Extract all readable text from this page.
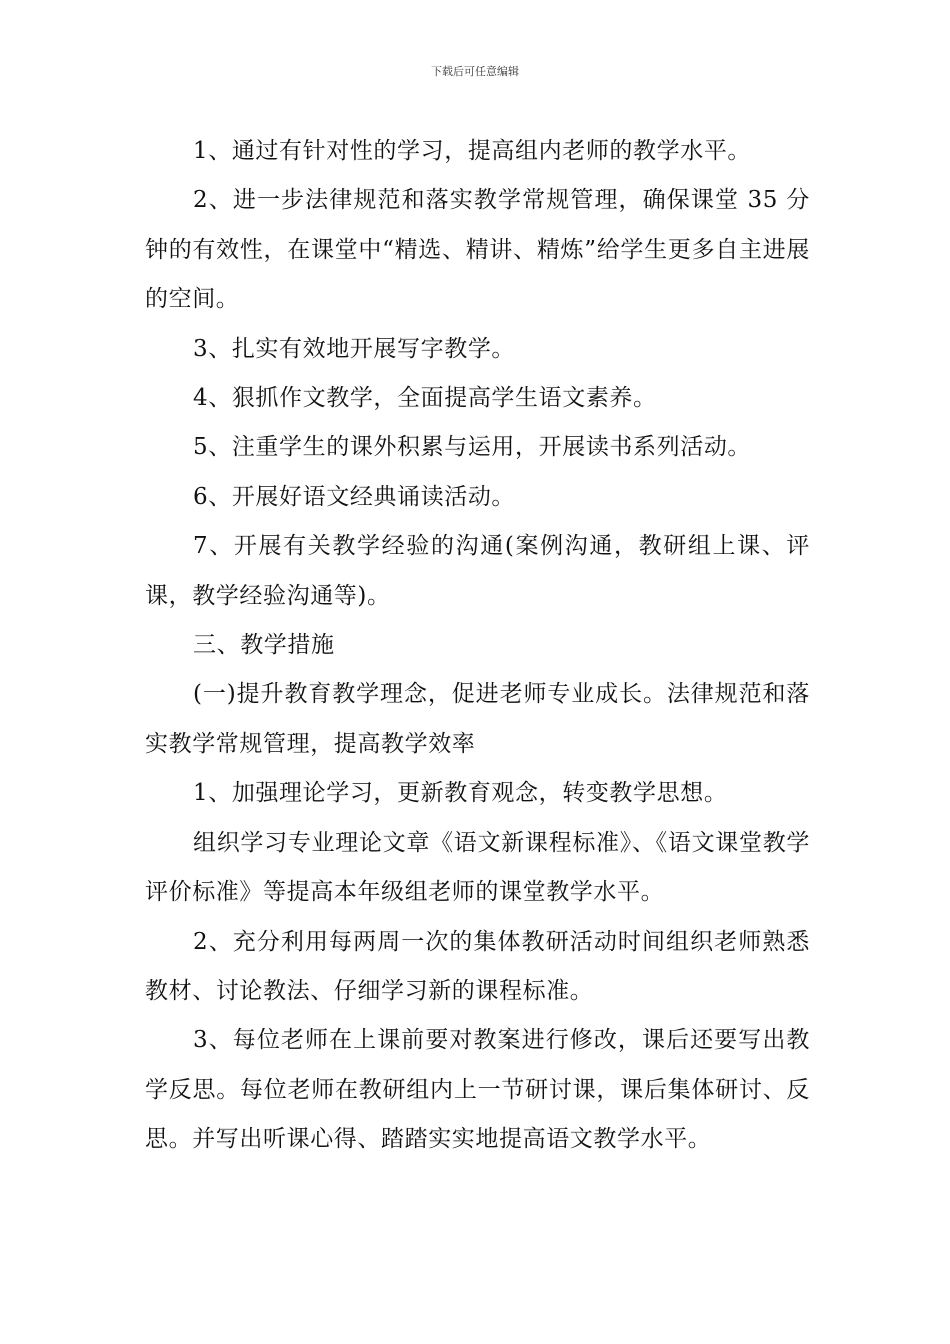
下载后可任意编辑

1、通过有针对性的学习，提高组内老师的教学水平。

2、进一步法律规范和落实教学常规管理，确保课堂 35 分钟的有效性，在课堂中“精选、精讲、精炼”给学生更多自主进展的空间。

3、扎实有效地开展写字教学。

4、狠抓作文教学，全面提高学生语文素养。

5、注重学生的课外积累与运用，开展读书系列活动。

6、开展好语文经典诵读活动。

7、开展有关教学经验的沟通(案例沟通，教研组上课、评课，教学经验沟通等)。

三、教学措施

(一)提升教育教学理念，促进老师专业成长。法律规范和落实教学常规管理，提高教学效率

1、加强理论学习，更新教育观念，转变教学思想。

组织学习专业理论文章《语文新课程标准》、《语文课堂教学评价标准》等提高本年级组老师的课堂教学水平。

2、充分利用每两周一次的集体教研活动时间组织老师熟悉教材、讨论教法、仔细学习新的课程标准。

3、每位老师在上课前要对教案进行修改，课后还要写出教学反思。每位老师在教研组内上一节研讨课，课后集体研讨、反思。并写出听课心得、踏踏实实地提高语文教学水平。
